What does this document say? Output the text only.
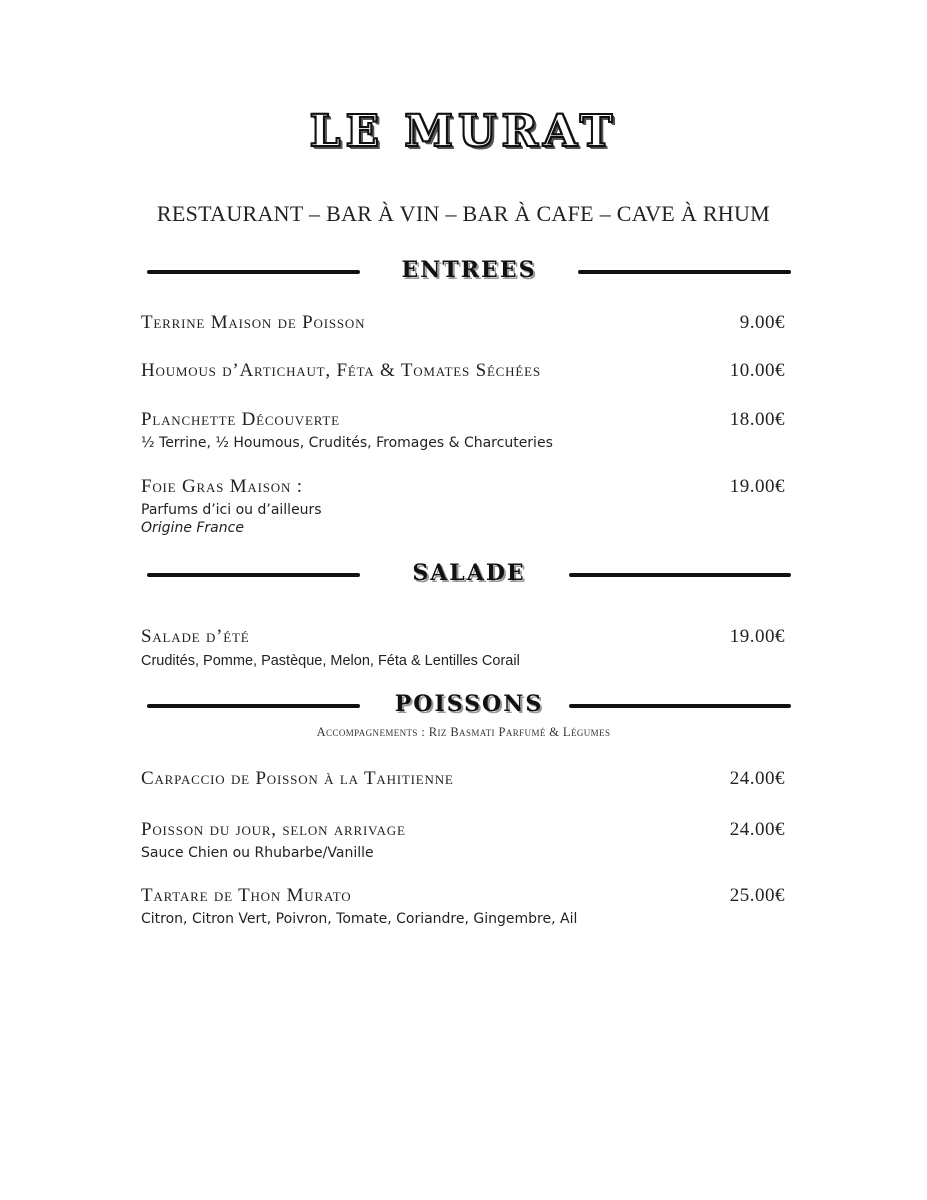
LE MURAT
RESTAURANT – BAR À VIN – BAR À CAFE – CAVE À RHUM
ENTREES
Terrine Maison de Poisson	9.00€
Houmous d’Artichaut, Féta & Tomates Séchées	10.00€
Planchette Découverte	18.00€
½ Terrine, ½ Houmous, Crudités, Fromages & Charcuteries
Foie Gras Maison :	19.00€
Parfums d’ici ou d’ailleurs
Origine France
SALADE
Salade d’été	19.00€
Crudités, Pomme, Pastèque, Melon, Féta & Lentilles Corail
POISSONS
Accompagnements : Riz Basmati Parfumé & Légumes
Carpaccio de Poisson à la Tahitienne	24.00€
Poisson du jour, selon arrivage	24.00€
Sauce Chien ou Rhubarbe/Vanille
Tartare de Thon Murato	25.00€
Citron, Citron Vert, Poivron, Tomate, Coriandre, Gingembre, Ail
